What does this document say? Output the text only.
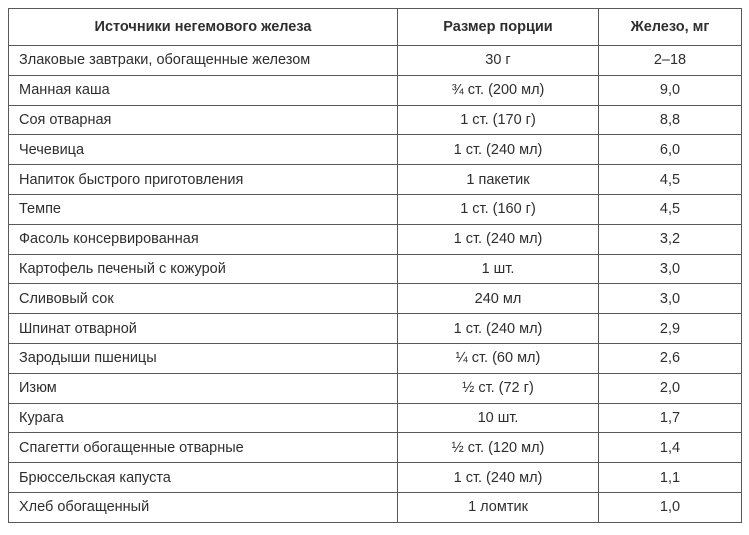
Источники негемового железа	Размер порции	Железо, мг
Злаковые завтраки, обогащенные железом	30 г	2–18
Манная каша	¾ ст. (200 мл)	9,0
Соя отварная	1 ст. (170 г)	8,8
Чечевица	1 ст. (240 мл)	6,0
Напиток быстрого приготовления	1 пакетик	4,5
Темпе	1 ст. (160 г)	4,5
Фасоль консервированная	1 ст. (240 мл)	3,2
Картофель печеный с кожурой	1 шт.	3,0
Сливовый сок	240 мл	3,0
Шпинат отварной	1 ст. (240 мл)	2,9
Зародыши пшеницы	¼ ст. (60 мл)	2,6
Изюм	½ ст. (72 г)	2,0
Курага	10 шт.	1,7
Спагетти обогащенные отварные	½ ст. (120 мл)	1,4
Брюссельская капуста	1 ст. (240 мл)	1,1
Хлеб обогащенный	1 ломтик	1,0
